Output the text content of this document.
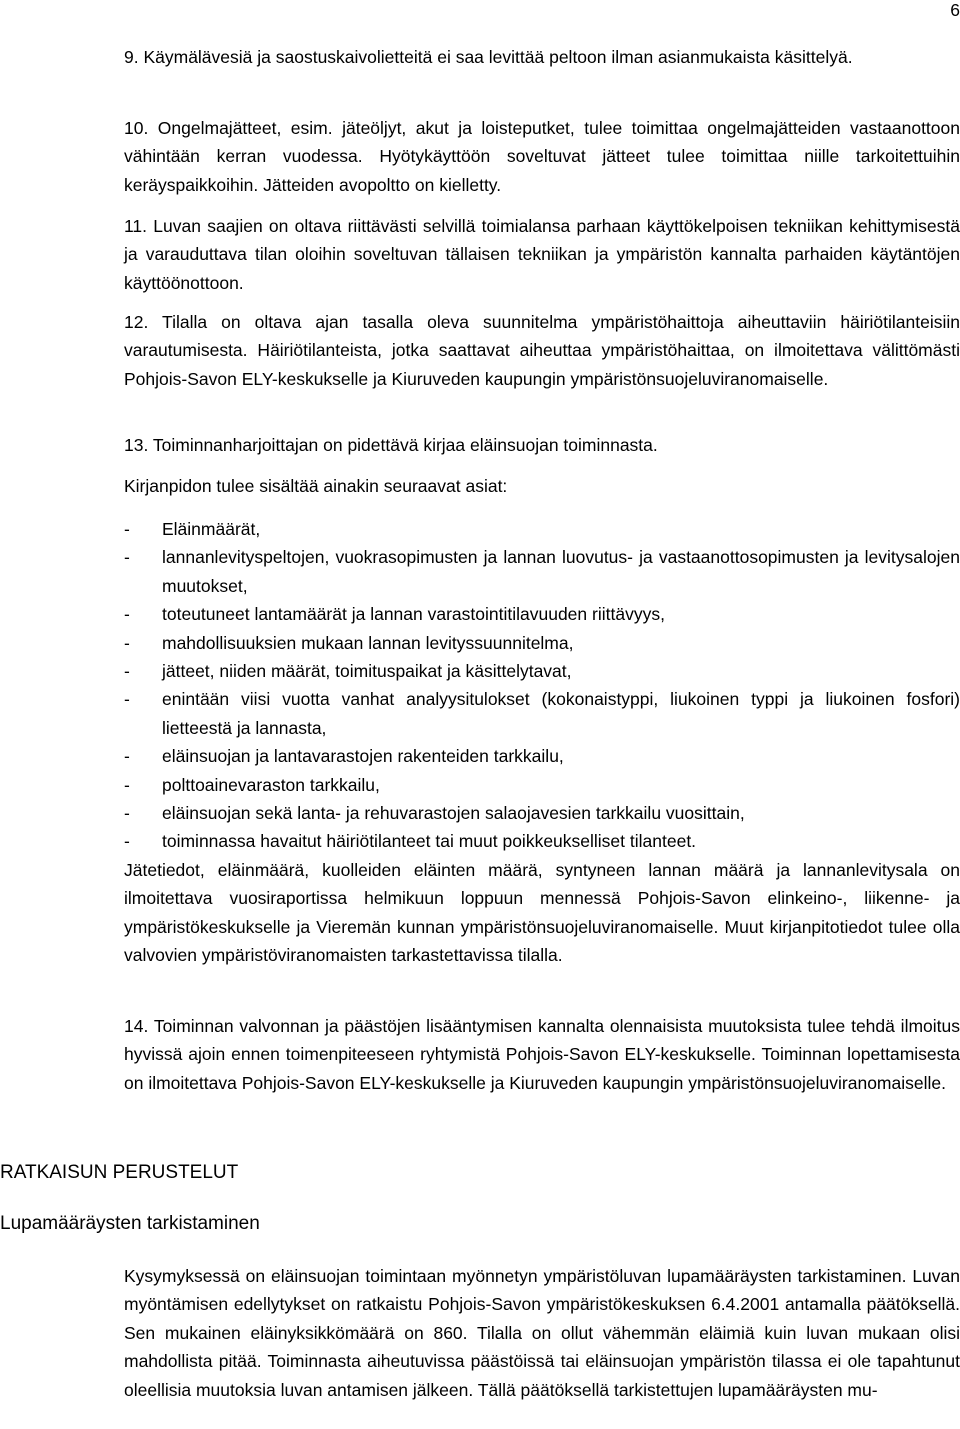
6

9. Käymälävesiä ja saostuskaivolietteitä ei saa levittää peltoon ilman asianmukaista käsittelyä.

10. Ongelmajätteet, esim. jäteöljyt, akut ja loisteputket, tulee toimittaa ongelmajätteiden vastaanottoon vähintään kerran vuodessa. Hyötykäyttöön soveltuvat jätteet tulee toimittaa niille tarkoitettuihin keräyspaikkoihin. Jätteiden avopoltto on kielletty.

11. Luvan saajien on oltava riittävästi selvillä toimialansa parhaan käyttökelpoisen tekniikan kehittymisestä ja varauduttava tilan oloihin soveltuvan tällaisen tekniikan ja ympäristön kannalta parhaiden käytäntöjen käyttöönottoon.

12. Tilalla on oltava ajan tasalla oleva suunnitelma ympäristöhaittoja aiheuttaviin häiriötilanteisiin varautumisesta. Häiriötilanteista, jotka saattavat aiheuttaa ympäristöhaittaa, on ilmoitettava välittömästi Pohjois-Savon ELY-keskukselle ja Kiuruveden kaupungin ympäristönsuojeluviranomaiselle.

13. Toiminnanharjoittajan on pidettävä kirjaa eläinsuojan toiminnasta.

Kirjanpidon tulee sisältää ainakin seuraavat asiat:

- Eläinmäärät,
- lannanlevityspeltojen, vuokrasopimusten ja lannan luovutus- ja vastaanottosopimusten ja levitysalojen muutokset,
- toteutuneet lantamäärät ja lannan varastointitilavuuden riittävyys,
- mahdollisuuksien mukaan lannan levityssuunnitelma,
- jätteet, niiden määrät, toimituspaikat ja käsittelytavat,
- enintään viisi vuotta vanhat analyysitulokset (kokonaistyppi, liukoinen typpi ja liukoinen fosfori) lietteestä ja lannasta,
- eläinsuojan ja lantavarastojen rakenteiden tarkkailu,
- polttoainevaraston tarkkailu,
- eläinsuojan sekä lanta- ja rehuvarastojen salaojavesien tarkkailu vuosittain,
- toiminnassa havaitut häiriötilanteet tai muut poikkeukselliset tilanteet.

Jätetiedot, eläinmäärä, kuolleiden eläinten määrä, syntyneen lannan määrä ja lannanlevitysala on ilmoitettava vuosiraportissa helmikuun loppuun mennessä Pohjois-Savon elinkeino-, liikenne- ja ympäristökeskukselle ja Vieremän kunnan ympäristönsuojeluviranomaiselle. Muut kirjanpitotiedot tulee olla valvovien ympäristöviranomaisten tarkastettavissa tilalla.

14. Toiminnan valvonnan ja päästöjen lisääntymisen kannalta olennaisista muutoksista tulee tehdä ilmoitus hyvissä ajoin ennen toimenpiteeseen ryhtymistä Pohjois-Savon ELY-keskukselle. Toiminnan lopettamisesta on ilmoitettava Pohjois-Savon ELY-keskukselle ja Kiuruveden kaupungin ympäristönsuojeluviranomaiselle.

RATKAISUN PERUSTELUT
Lupamääräysten tarkistaminen

Kysymyksessä on eläinsuojan toimintaan myönnetyn ympäristöluvan lupamääräysten tarkistaminen. Luvan myöntämisen edellytykset on ratkaistu Pohjois-Savon ympäristökeskuksen 6.4.2001 antamalla päätöksellä. Sen mukainen eläinyksikkömäärä on 860. Tilalla on ollut vähemmän eläimiä kuin luvan mukaan olisi mahdollista pitää. Toiminnasta aiheutuvissa päästöissä tai eläinsuojan ympäristön tilassa ei ole tapahtunut oleellisia muutoksia luvan antamisen jälkeen. Tällä päätöksellä tarkistettujen lupamääräysten mu-
